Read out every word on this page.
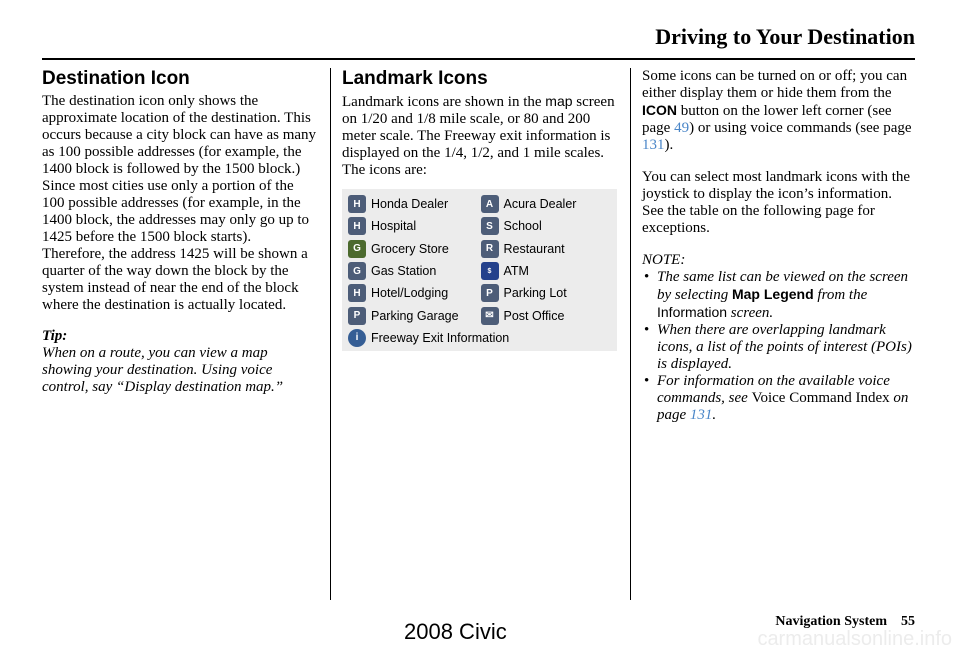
Driving to Your Destination
Destination Icon

The destination icon only shows the approximate location of the destination. This occurs because a city block can have as many as 100 possible addresses (for example, the 1400 block is followed by the 1500 block.) Since most cities use only a portion of the 100 possible addresses (for example, in the 1400 block, the addresses may only go up to 1425 before the 1500 block starts). Therefore, the address 1425 will be shown a quarter of the way down the block by the system instead of near the end of the block where the destination is actually located.

Tip:

When on a route, you can view a map showing your destination. Using voice control, say “Display destination map.”

Landmark Icons

Landmark icons are shown in the map screen on 1/20 and 1/8 mile scale, or 80 and 200 meter scale. The Freeway exit information is displayed on the 1/4, 1/2, and 1 mile scales. The icons are:

H Honda Dealer	A Acura Dealer
H Hospital	S School
G Grocery Store	R Restaurant
G Gas Station	$ ATM
H Hotel/Lodging	P Parking Lot
P Parking Garage	✉ Post Office
i	Freeway Exit Information

Some icons can be turned on or off; you can either display them or hide them from the ICON button on the lower left corner (see page 49) or using voice commands (see page 131).

You can select most landmark icons with the joystick to display the icon’s information. See the table on the following page for exceptions.

NOTE:

• The same list can be viewed on the screen by selecting Map Legend from the Information screen.
• When there are overlapping landmark icons, a list of the points of interest (POIs) is displayed.
• For information on the available voice commands, see Voice Command Index on page 131.
Navigation System 55
2008 Civic	carmanualsonline.info
